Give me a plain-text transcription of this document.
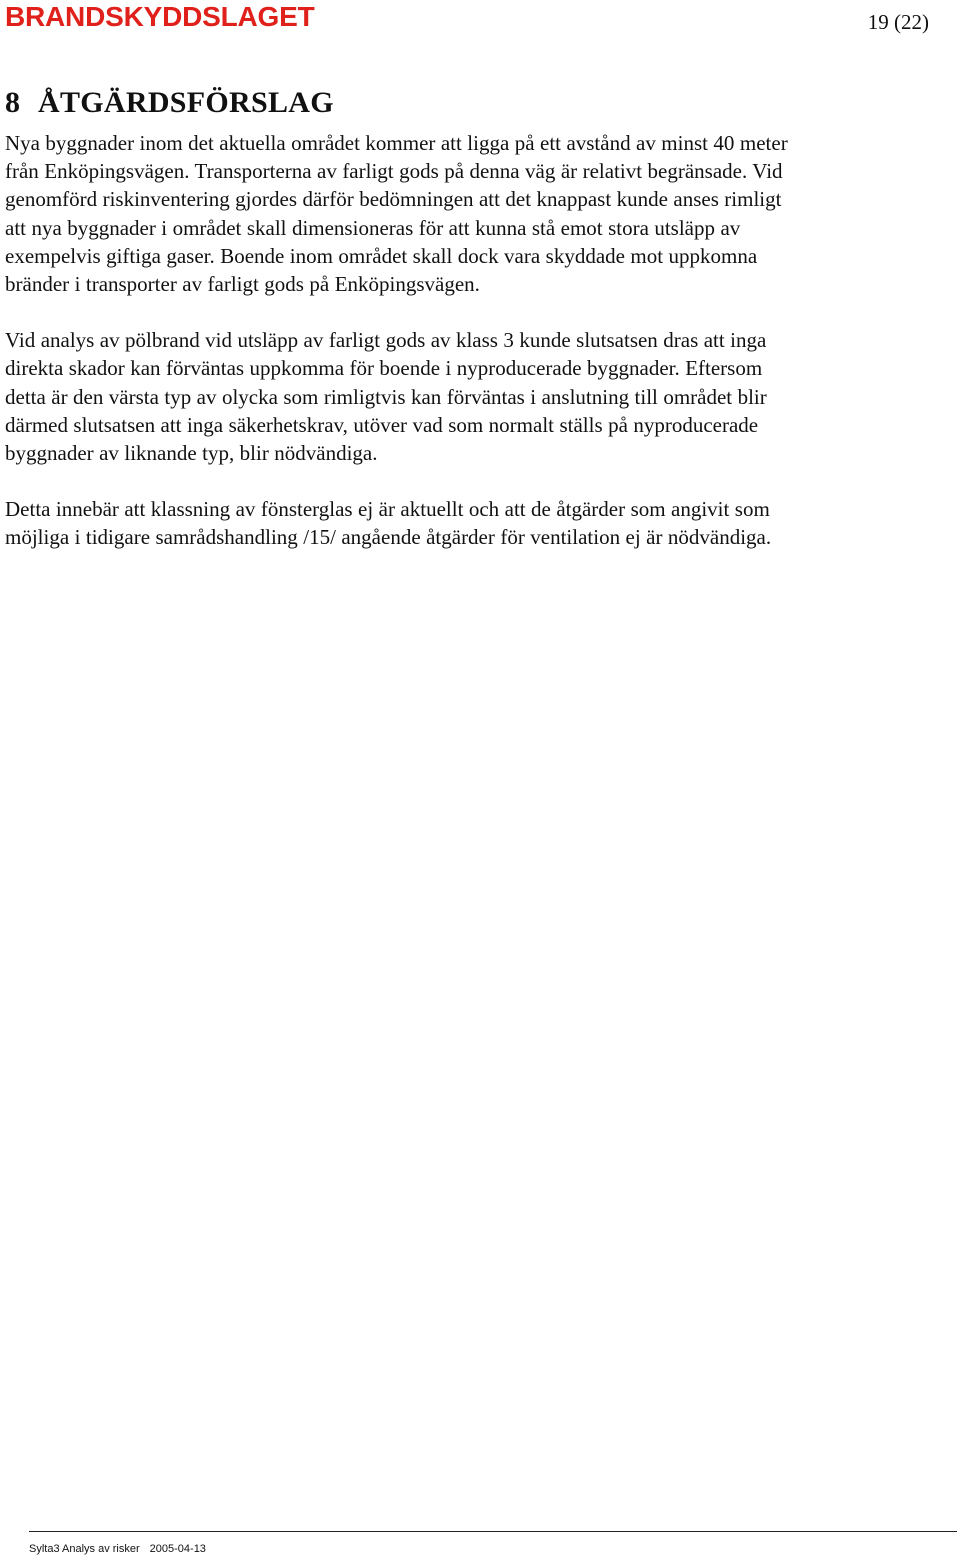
BRANDSKYDDSLAGET	19 (22)
8 ÅTGÄRDSFÖRSLAG

Nya byggnader inom det aktuella området kommer att ligga på ett avstånd av minst 40 meter
från Enköpingsvägen. Transporterna av farligt gods på denna väg är relativt begränsade. Vid
genomförd riskinventering gjordes därför bedömningen att det knappast kunde anses rimligt
att nya byggnader i området skall dimensioneras för att kunna stå emot stora utsläpp av
exempelvis giftiga gaser. Boende inom området skall dock vara skyddade mot uppkomna
bränder i transporter av farligt gods på Enköpingsvägen.

Vid analys av pölbrand vid utsläpp av farligt gods av klass 3 kunde slutsatsen dras att inga
direkta skador kan förväntas uppkomma för boende i nyproducerade byggnader. Eftersom
detta är den värsta typ av olycka som rimligtvis kan förväntas i anslutning till området blir
därmed slutsatsen att inga säkerhetskrav, utöver vad som normalt ställs på nyproducerade
byggnader av liknande typ, blir nödvändiga.

Detta innebär att klassning av fönsterglas ej är aktuellt och att de åtgärder som angivit som
möjliga i tidigare samrådshandling /15/ angående åtgärder för ventilation ej är nödvändiga.

Sylta3 Analys av risker 2005-04-13
